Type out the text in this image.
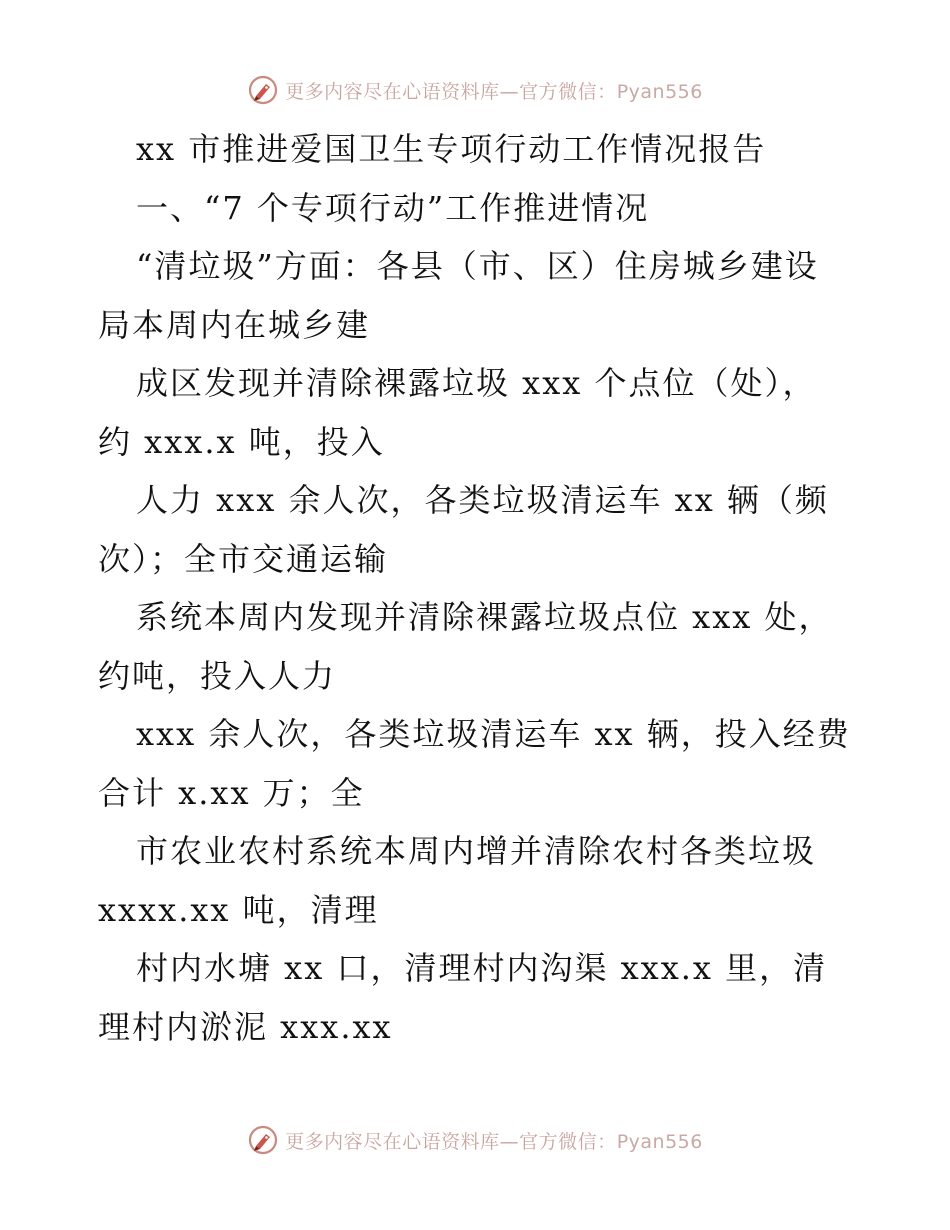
更多内容尽在心语资料库—官方微信：Pyan556
xx 市推进爱国卫生专项行动工作情况报告
一、“7 个专项行动”工作推进情况
“清垃圾”方面：各县（市、区）住房城乡建设
局本周内在城乡建
成区发现并清除裸露垃圾 xxx 个点位（处），
约 xxx.x 吨，投入
人力 xxx 余人次，各类垃圾清运车 xx 辆（频
次）；全市交通运输
系统本周内发现并清除裸露垃圾点位 xxx 处，
约吨，投入人力
xxx 余人次，各类垃圾清运车 xx 辆，投入经费
合计 x.xx 万；全
市农业农村系统本周内增并清除农村各类垃圾
xxxx.xx 吨，清理
村内水塘 xx 口，清理村内沟渠 xxx.x 里，清
理村内淤泥 xxx.xx
更多内容尽在心语资料库—官方微信：Pyan556
